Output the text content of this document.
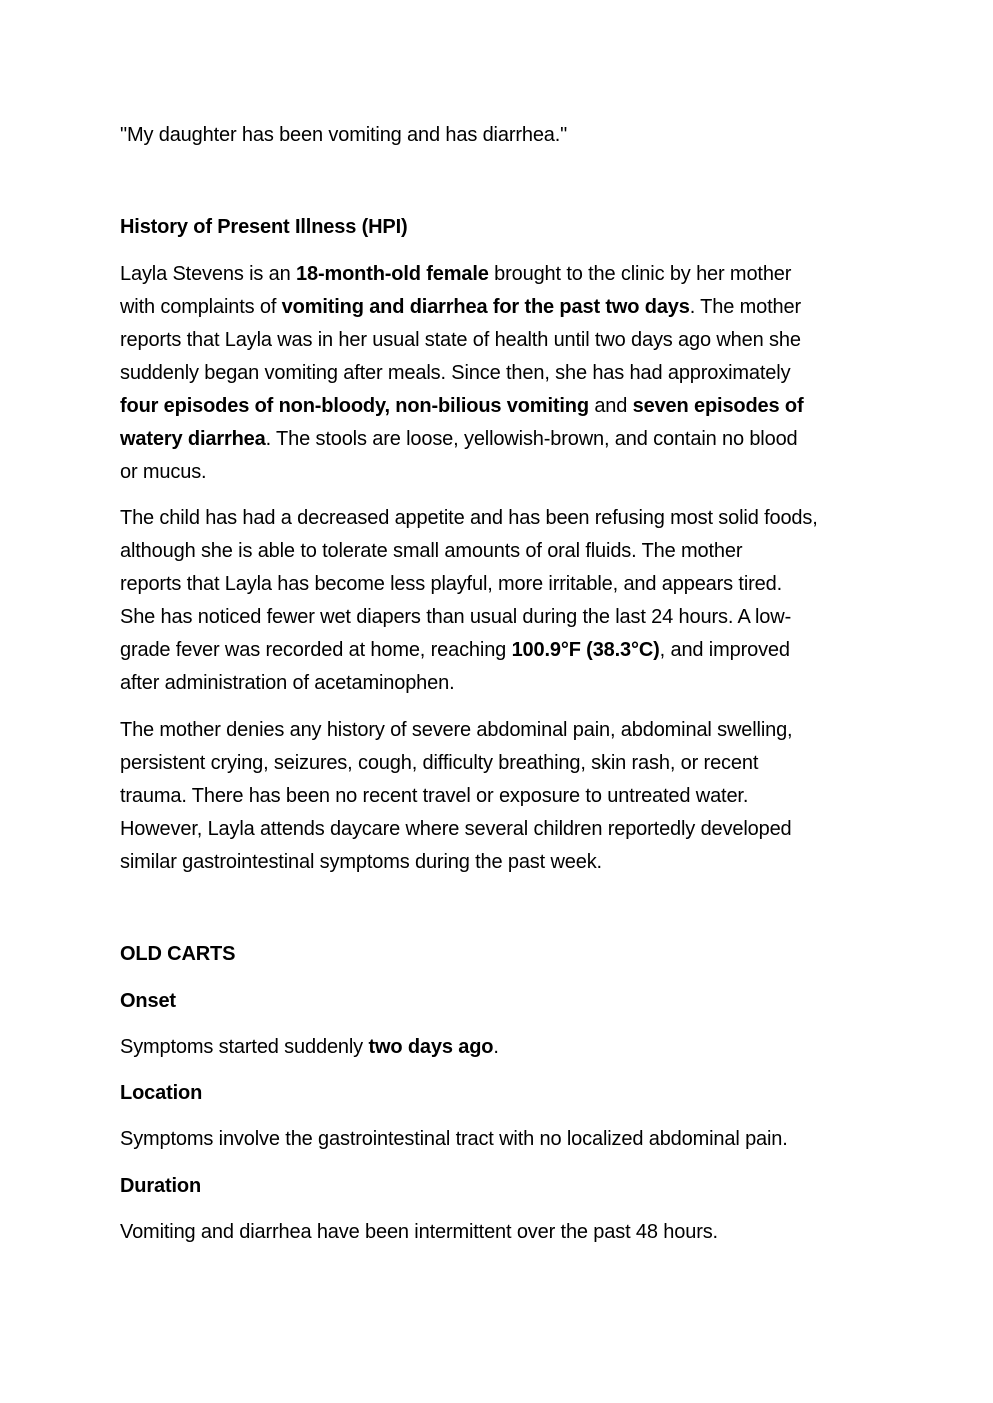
"My daughter has been vomiting and has diarrhea."
History of Present Illness (HPI)
Layla Stevens is an 18-month-old female brought to the clinic by her mother
with complaints of vomiting and diarrhea for the past two days. The mother
reports that Layla was in her usual state of health until two days ago when she
suddenly began vomiting after meals. Since then, she has had approximately
four episodes of non-bloody, non-bilious vomiting and seven episodes of
watery diarrhea. The stools are loose, yellowish-brown, and contain no blood
or mucus.
The child has had a decreased appetite and has been refusing most solid foods,
although she is able to tolerate small amounts of oral fluids. The mother
reports that Layla has become less playful, more irritable, and appears tired.
She has noticed fewer wet diapers than usual during the last 24 hours. A low-
grade fever was recorded at home, reaching 100.9°F (38.3°C), and improved
after administration of acetaminophen.
The mother denies any history of severe abdominal pain, abdominal swelling,
persistent crying, seizures, cough, difficulty breathing, skin rash, or recent
trauma. There has been no recent travel or exposure to untreated water.
However, Layla attends daycare where several children reportedly developed
similar gastrointestinal symptoms during the past week.
OLD CARTS
Onset
Symptoms started suddenly two days ago.
Location
Symptoms involve the gastrointestinal tract with no localized abdominal pain.
Duration
Vomiting and diarrhea have been intermittent over the past 48 hours.
